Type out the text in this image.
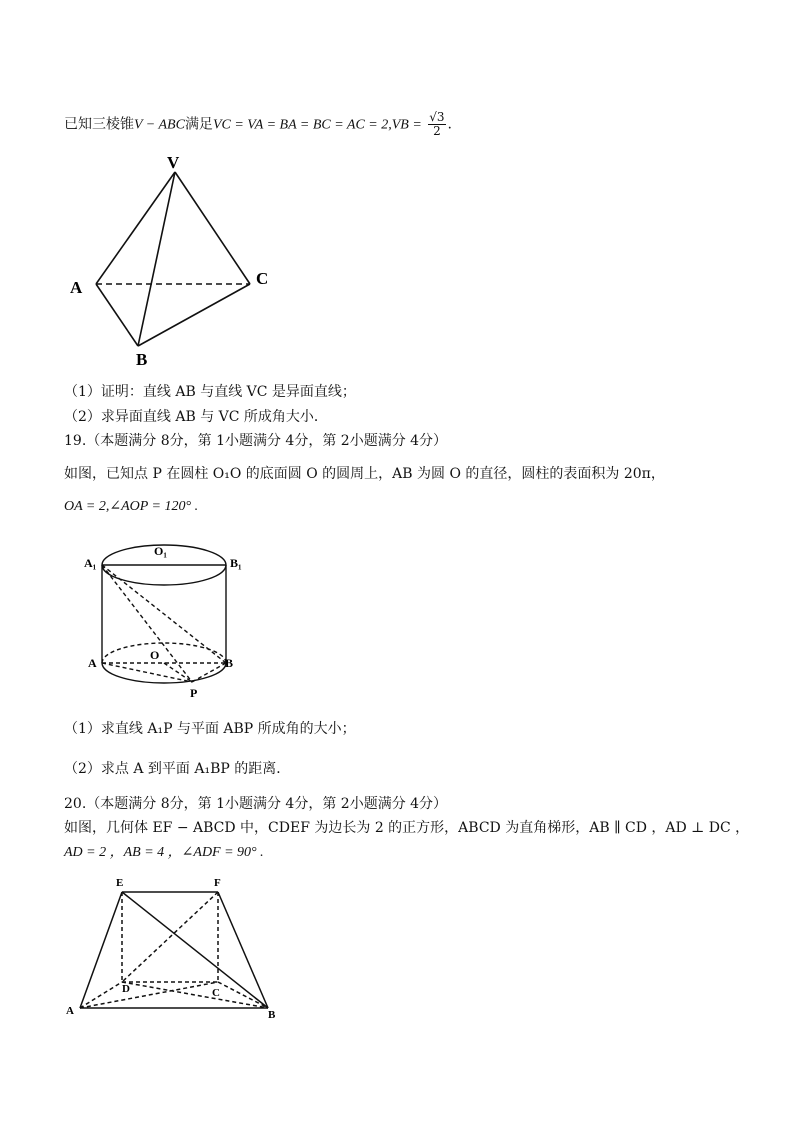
已知三棱锥V − ABC满足VC = VA = BA = BC = AC = $2,VB = \frac{√3}{2}$ .
V
A	C
B
（1）证明：直线 AB 与直线 VC 是异面直线；
（2）求异面直线 AB 与 VC 所成角大小．
19.（本题满分 8分，第 1小题满分 4分，第 2小题满分 4分）
如图，已知点 P 在圆柱 O₁O 的底面圆 O 的圆周上，AB 为圆 O 的直径，圆柱的表面积为 20π，
OA = 2,∠AOP = 120° .
A₁
O₁
B₁
A
O
B
P
（1）求直线 A₁P 与平面 ABP 所成角的大小；
（2）求点 A 到平面 A₁BP 的距离．
20.（本题满分 8分，第 1小题满分 4分，第 2小题满分 4分）
如图，几何体 EF − ABCD 中，CDEF 为边长为 2 的正方形，ABCD 为直角梯形，AB ∥ CD ，AD ⊥ DC ，
AD = 2 ，AB = 4 ，∠ADF = 90° .
E	F
D	C
A	B
